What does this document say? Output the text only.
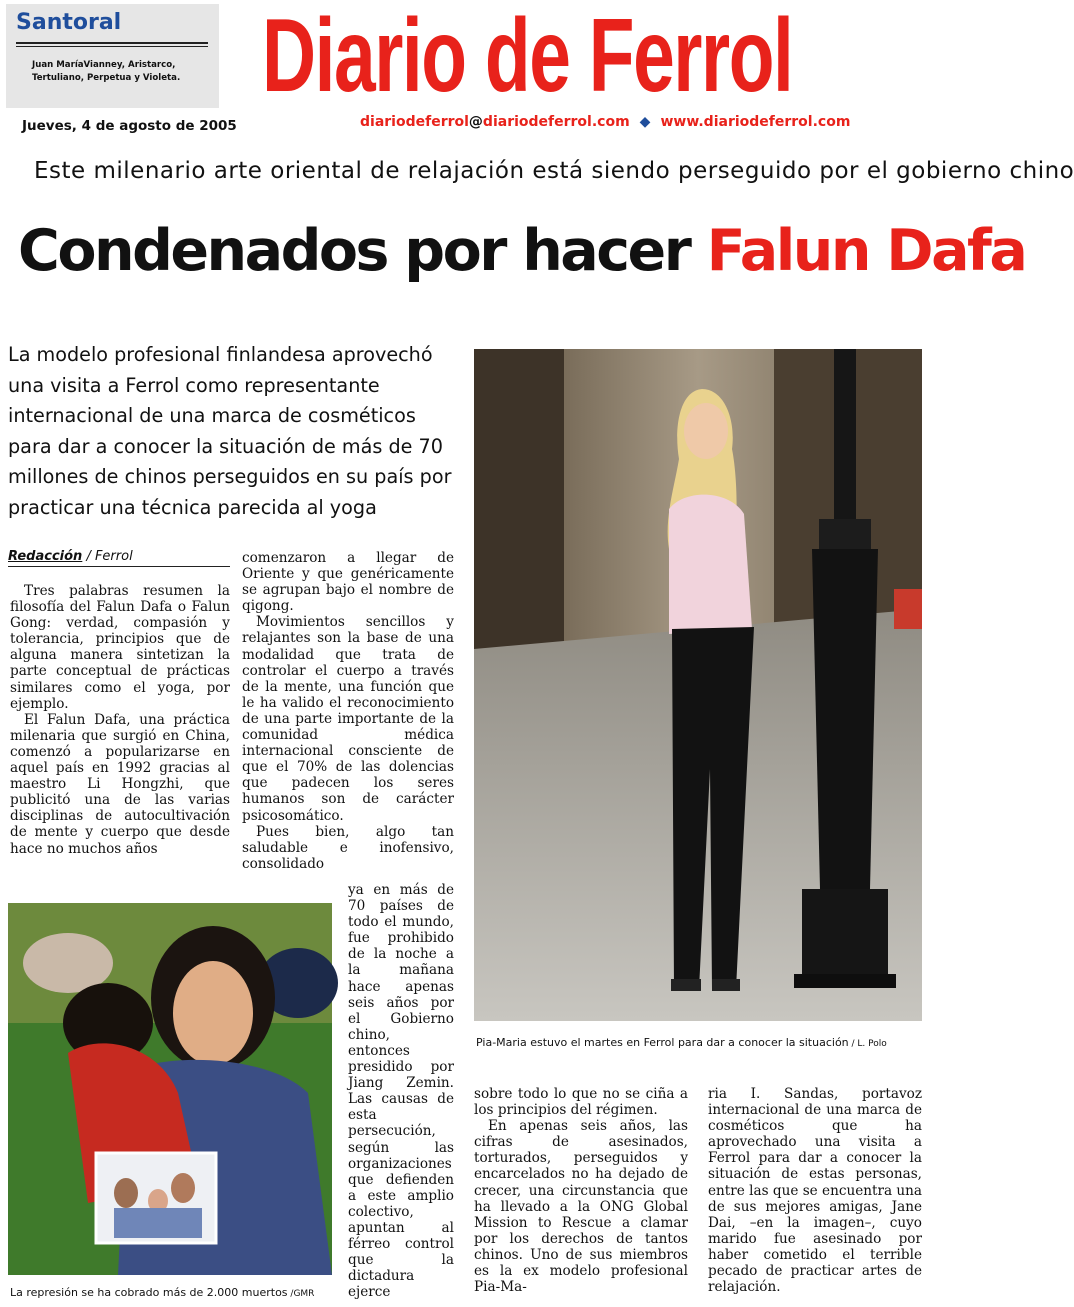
Santoral
Juan MaríaVianney, Aristarco, Tertuliano, Perpetua y Violeta. Diario de Ferrol
Jueves, 4 de agosto de 2005	diariodeferrol@diariodeferrol.com ◆ www.diariodeferrol.com
Este milenario arte oriental de relajación está siendo perseguido por el gobierno chino
Condenados por hacer Falun Dafa
La modelo profesional finlandesa aprovechó una visita a Ferrol como representante internacional de una marca de cosméticos para dar a conocer la situación de más de 70 millones de chinos perseguidos en su país por practicar una técnica parecida al yoga
Redacción / Ferrol

Tres palabras resumen la filosofía del Falun Dafa o Falun Gong: verdad, compasión y tolerancia, principios que de alguna manera sintetizan la parte conceptual de prácticas similares como el yoga, por ejemplo.

El Falun Dafa, una práctica milenaria que surgió en China, comenzó a popularizarse en aquel país en 1992 gracias al maestro Li Hongzhi, que publicitó una de las varias disciplinas de autocultivación de mente y cuerpo que desde hace no muchos años

comenzaron a llegar de Oriente y que genéricamente se agrupan bajo el nombre de qigong.

Movimientos sencillos y relajantes son la base de una modalidad que trata de controlar el cuerpo a través de la mente, una función que le ha valido el reconocimiento de una parte importante de la comunidad médica internacional consciente de que el 70% de las dolencias que padecen los seres humanos son de carácter psicosomático.

Pues bien, algo tan saludable e inofensivo, consolidado

ya en más de 70 países de todo el mundo, fue prohibido de la noche a la mañana hace apenas seis años por el Gobierno chino, entonces presidido por Jiang Zemin. Las causas de esta persecución, según las organizaciones que defienden a este amplio colectivo, apuntan al férreo control que la dictadura ejerce

sobre todo lo que no se ciña a los principios del régimen.

En apenas seis años, las cifras de asesinados, torturados, perseguidos y encarcelados no ha dejado de crecer, una circunstancia que ha llevado a la ONG Global Mission to Rescue a clamar por los derechos de tantos chinos. Uno de sus miembros es la ex modelo profesional Pia-Ma-

ria I. Sandas, portavoz internacional de una marca de cosméticos que ha aprovechado una visita a Ferrol para dar a conocer la situación de estas personas, entre las que se encuentra una de sus mejores amigas, Jane Dai, –en la imagen–, cuyo marido fue asesinado por haber cometido el terrible pecado de practicar artes de relajación.
Pia-Maria estuvo el martes en Ferrol para dar a conocer la situación / L. Polo
La represión se ha cobrado más de 2.000 muertos /GMR
